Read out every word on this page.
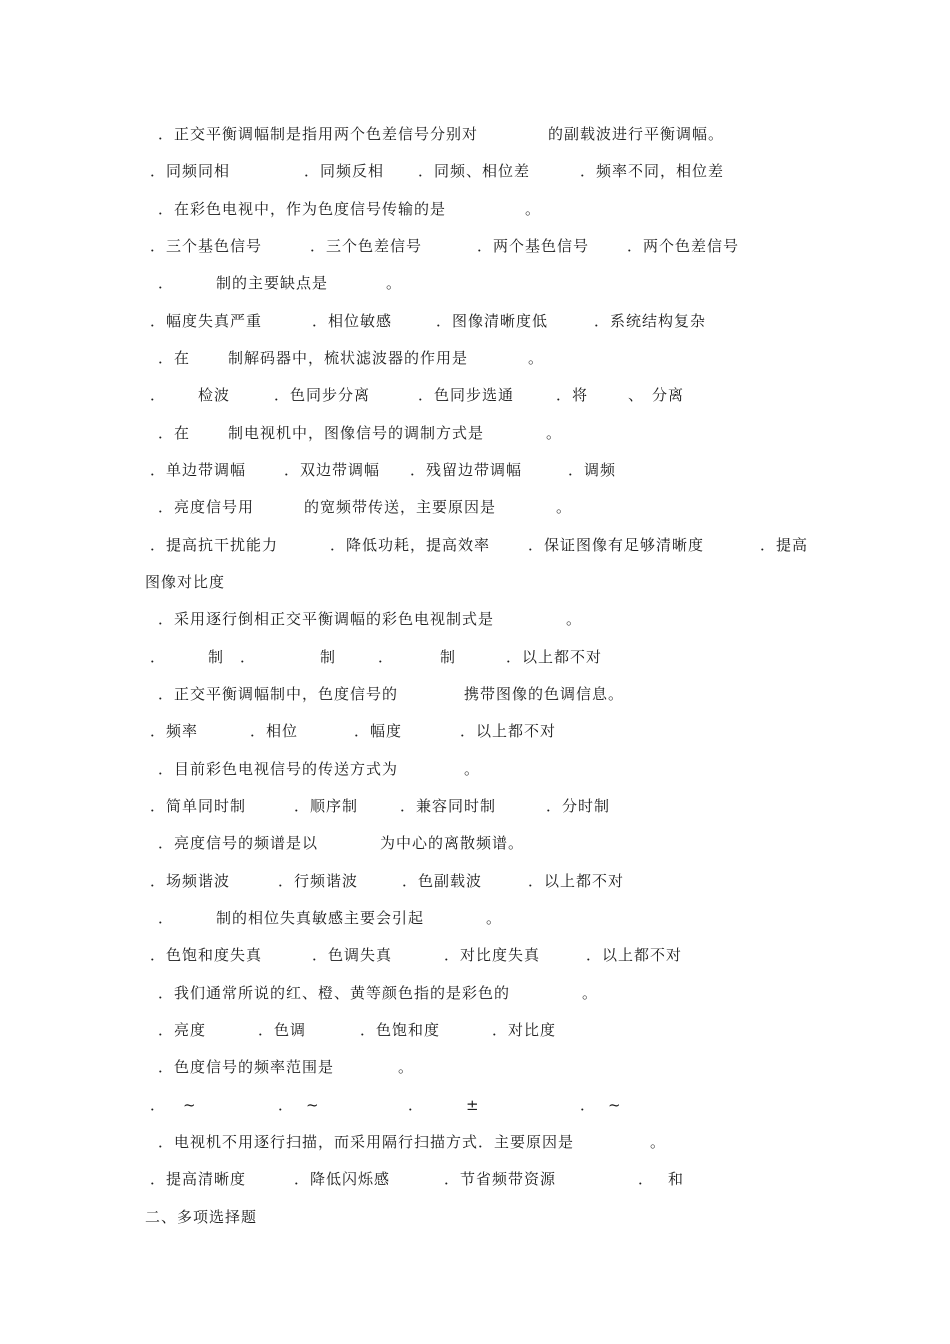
．正交平衡调幅制是指用两个色差信号分别对	的副载波进行平衡调幅。
．同频同相	．同频反相 ．同频、相位差	．频率不同，相位差
．在彩色电视中，作为色度信号传输的是	。
．三个基色信号	．三个色差信号	．两个基色信号	．两个色差信号
．	制的主要缺点是	。
．幅度失真严重	．相位敏感	．图像清晰度低	．系统结构复杂
．在	制解码器中，梳状滤波器的作用是	。
． 检波	．色同步分离	．色同步选通	．将	、 分离
．在	制电视机中，图像信号的调制方式是	。
．单边带调幅	．双边带调幅 ．残留边带调幅	．调频
．亮度信号用	的宽频带传送，主要原因是	。
．提高抗干扰能力	．降低功耗，提高效率	．保证图像有足够清晰度	．提高
图像对比度
．采用逐行倒相正交平衡调幅的彩色电视制式是	。
．	制 ．	制	．	制	．以上都不对
．正交平衡调幅制中，色度信号的	携带图像的色调信息。
．频率	．相位	．幅度	．以上都不对
．目前彩色电视信号的传送方式为	。
．简单同时制	．顺序制	．兼容同时制	．分时制
．亮度信号的频谱是以	为中心的离散频谱。
．场频谐波	．行频谐波	．色副载波	．以上都不对
．	制的相位失真敏感主要会引起	。
．色饱和度失真	．色调失真	．对比度失真	．以上都不对
．我们通常所说的红、橙、黄等颜色指的是彩色的	。
．亮度	．色调	．色饱和度	．对比度
．色度信号的频率范围是	。
． ~	． ~	．	±	． ~
．电视机不用逐行扫描，而采用隔行扫描方式．主要原因是	。
．提高清晰度	．降低闪烁感	．节省频带资源	． 和
二、多项选择题
